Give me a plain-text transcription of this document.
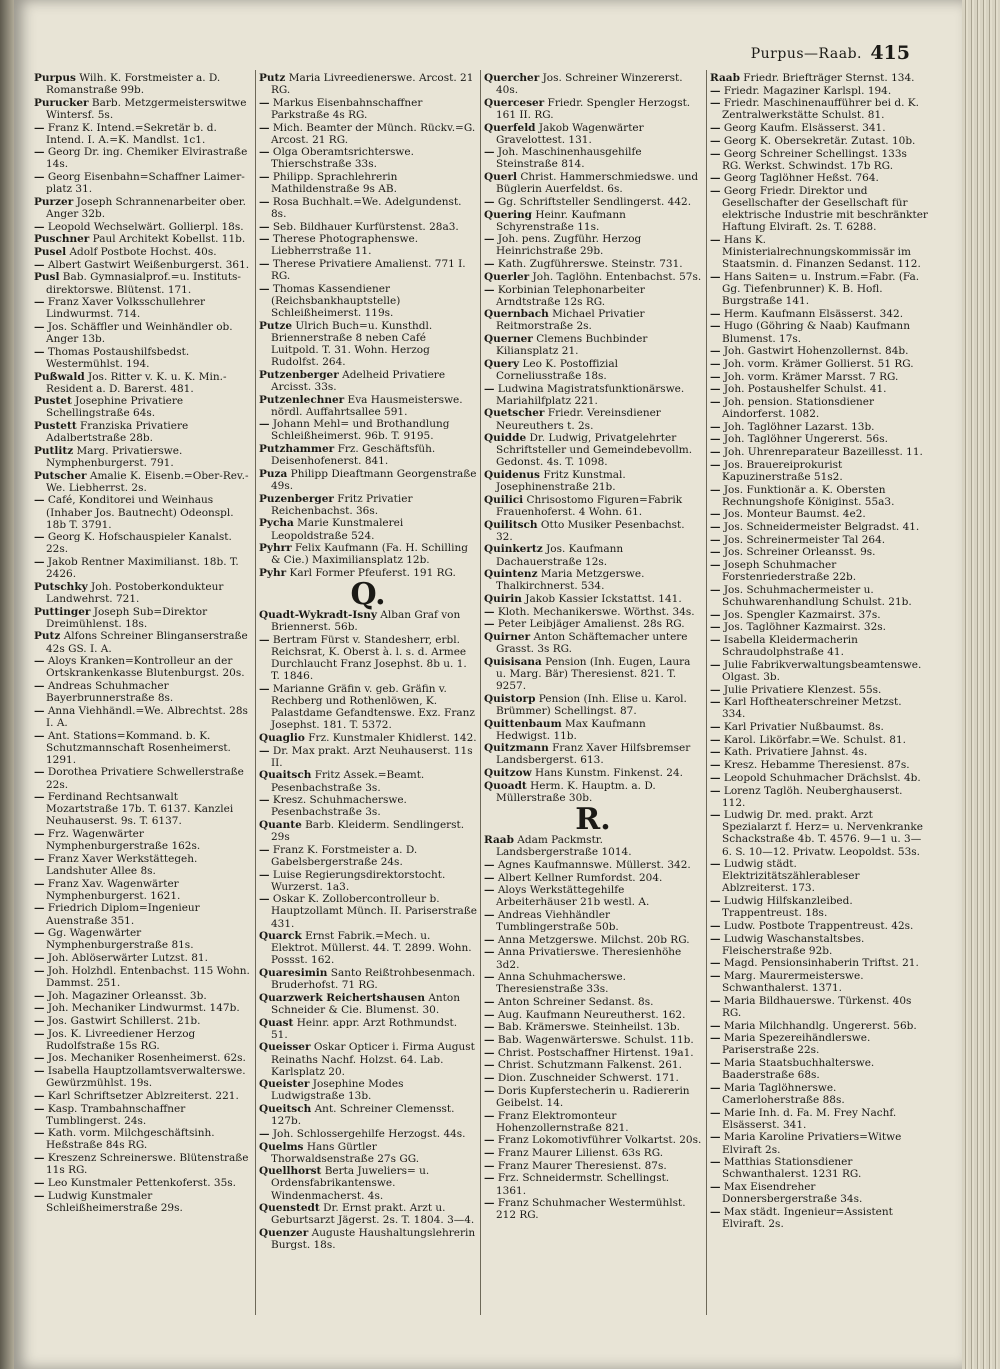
Purpus—Raab. 415

Purpus Wilh. K. Forstmeister a. D. Romanstraße 99b.

Purucker Barb. Metzgermeisterswitwe Wintersf. 5s.

— Franz K. Intend.=Sekretär b. d. Intend. I. A.=K. Mandlst. 1c1.

— Georg Dr. ing. Chemiker Elvirastraße 14s.

— Georg Eisenbahn=Schaffner Laimer-platz 31.

Purzer Joseph Schrannenarbeiter ober. Anger 32b.

— Leopold Wechselwärt. Gollierpl. 18s.

Puschner Paul Architekt Kobellst. 11b.

Pusel Adolf Postbote Hochst. 40s.

— Albert Gastwirt Weißenburgerst. 361.

Pusl Bab. Gymnasialprof.=u. Instituts-direktorswe. Blütenst. 171.

— Franz Xaver Volksschullehrer Lindwurmst. 714.

— Jos. Schäffler und Weinhändler ob. Anger 13b.

— Thomas Postaushilfsbedst. Westermühlst. 194.

Pußwald Jos. Ritter v. K. u. K. Min.-Resident a. D. Barerst. 481.

Pustet Josephine Privatiere Schellingstraße 64s.

Pustett Franziska Privatiere Adalbertstraße 28b.

Putlitz Marg. Privatierswe. Nymphenburgerst. 791.

Putscher Amalie K. Eisenb.=Ober-Rev.-We. Liebherrst. 2s.

— Café, Konditorei und Weinhaus (Inhaber Jos. Bautnecht) Odeonspl. 18b T. 3791.

— Georg K. Hofschauspieler Kanalst. 22s.

— Jakob Rentner Maximilianst. 18b. T. 2426.

Putschky Joh. Postoberkondukteur Landwehrst. 721.

Puttinger Joseph Sub=Direktor Dreimühlenst. 18s.

Putz Alfons Schreiner Blinganserstraße 42s GS. I. A.

— Aloys Kranken=Kontrolleur an der Ortskrankenkasse Blutenburgst. 20s.

— Andreas Schuhmacher Bayerbrunnerstraße 8s.

— Anna Viehhändl.=We. Albrechtst. 28s I. A.

— Ant. Stations=Kommand. b. K. Schutzmannschaft Rosenheimerst. 1291.

— Dorothea Privatiere Schwellerstraße 22s.

— Ferdinand Rechtsanwalt Mozartstraße 17b. T. 6137. Kanzlei Neuhauserst. 9s. T. 6137.

— Frz. Wagenwärter Nymphenburgerstraße 162s.

— Franz Xaver Werkstättegeh. Landshuter Allee 8s.

— Franz Xav. Wagenwärter Nymphenburgerst. 1621.

— Friedrich Diplom=Ingenieur Auenstraße 351.

— Gg. Wagenwärter Nymphenburgerstraße 81s.

— Joh. Ablöserwärter Lutzst. 81.

— Joh. Holzhdl. Entenbachst. 115 Wohn. Dammst. 251.

— Joh. Magaziner Orleansst. 3b.

— Joh. Mechaniker Lindwurmst. 147b.

— Jos. Gastwirt Schillerst. 21b.

— Jos. K. Livreediener Herzog Rudolfstraße 15s RG.

— Jos. Mechaniker Rosenheimerst. 62s.

— Isabella Hauptzollamtsverwalterswe. Gewürzmühlst. 19s.

— Karl Schriftsetzer Ablzreiterst. 221.

— Kasp. Trambahnschaffner Tumblingerst. 24s.

— Kath. vorm. Milchgeschäftsinh. Heßstraße 84s RG.

— Kreszenz Schreinerswe. Blütenstraße 11s RG.

— Leo Kunstmaler Pettenkoferst. 35s.

— Ludwig Kunstmaler Schleißheimerstraße 29s.

Putz Maria Livreedienerswe. Arcost. 21 RG.

— Markus Eisenbahnschaffner Parkstraße 4s RG.

— Mich. Beamter der Münch. Rückv.=G. Arcost. 21 RG.

— Olga Oberamtsrichterswe. Thierschstraße 33s.

— Philipp. Sprachlehrerin Mathildenstraße 9s AB.

— Rosa Buchhalt.=We. Adelgundenst. 8s.

— Seb. Bildhauer Kurfürstenst. 28a3.

— Therese Photographenswe. Liebherrstraße 11.

— Therese Privatiere Amalienst. 771 I. RG.

— Thomas Kassendiener (Reichsbankhauptstelle) Schleißheimerst. 119s.

Putze Ulrich Buch=u. Kunsthdl. Briennerstraße 8 neben Café Luitpold. T. 31. Wohn. Herzog Rudolfst. 264.

Putzenberger Adelheid Privatiere Arcisst. 33s.

Putzenlechner Eva Hausmeisterswe. nördl. Auffahrtsallee 591.

— Johann Mehl= und Brothandlung Schleißheimerst. 96b. T. 9195.

Putzhammer Frz. Geschäftsfüh. Deisenhofenerst. 841.

Puza Philipp Dieaftmann Georgenstraße 49s.

Puzenberger Fritz Privatier Reichenbachst. 36s.

Pycha Marie Kunstmalerei Leopoldstraße 524.

Pyhrr Felix Kaufmann (Fa. H. Schilling & Cie.) Maximiliansplatz 12b.

Pyhr Karl Former Pfeuferst. 191 RG.

Q.

Quadt-Wykradt-Isny Alban Graf von Briennerst. 56b.

— Bertram Fürst v. Standesherr, erbl. Reichsrat, K. Oberst à. l. s. d. Armee Durchlaucht Franz Josephst. 8b u. 1. T. 1846.

— Marianne Gräfin v. geb. Gräfin v. Rechberg und Rothenlöwen, K. Palastdame Gefandtenswe. Exz. Franz Josephst. 181. T. 5372.

Quaglio Frz. Kunstmaler Khidlerst. 142.

— Dr. Max prakt. Arzt Neuhauserst. 11s II.

Quaitsch Fritz Assek.=Beamt. Pesenbachstraße 3s.

— Kresz. Schuhmacherswe. Pesenbachstraße 3s.

Quante Barb. Kleiderm. Sendlingerst. 29s

— Franz K. Forstmeister a. D. Gabelsbergerstraße 24s.

— Luise Regierungsdirektorstocht. Wurzerst. 1a3.

— Oskar K. Zollobercontrolleur b. Hauptzollamt Münch. II. Pariserstraße 431.

Quarck Ernst Fabrik.=Mech. u. Elektrot. Müllerst. 44. T. 2899. Wohn. Possst. 162.

Quaresimin Santo Reißtrohbesenmach. Bruderhofst. 71 RG.

Quarzwerk Reichertshausen Anton Schneider & Cie. Blumenst. 30.

Quast Heinr. appr. Arzt Rothmundst. 51.

Queisser Oskar Opticer i. Firma August Reinaths Nachf. Holzst. 64. Lab. Karlsplatz 20.

Queister Josephine Modes Ludwigstraße 13b.

Queitsch Ant. Schreiner Clemensst. 127b.

— Joh. Schlossergehilfe Herzogst. 44s.

Quelms Hans Gürtler Thorwaldsenstraße 27s GG.

Quellhorst Berta Juweliers= u. Ordensfabrikantenswe. Windenmacherst. 4s.

Quenstedt Dr. Ernst prakt. Arzt u. Geburtsarzt Jägerst. 2s. T. 1804. 3—4.

Quenzer Auguste Haushaltungslehrerin Burgst. 18s.

Quercher Jos. Schreiner Winzererst. 40s.

Querceser Friedr. Spengler Herzogst. 161 II. RG.

Querfeld Jakob Wagenwärter Gravelottest. 131.

— Joh. Maschinenhausgehilfe Steinstraße 814.

Querl Christ. Hammerschmiedswe. und Büglerin Auerfeldst. 6s.

— Gg. Schriftsteller Sendlingerst. 442.

Quering Heinr. Kaufmann Schyrenstraße 11s.

— Joh. pens. Zugführ. Herzog Heinrichstraße 29b.

— Kath. Zugführerswe. Steinstr. 731.

Querler Joh. Taglöhn. Entenbachst. 57s.

— Korbinian Telephonarbeiter Arndtstraße 12s RG.

Quernbach Michael Privatier Reitmorstraße 2s.

Querner Clemens Buchbinder Kiliansplatz 21.

Query Leo K. Postoffizial Corneliusstraße 18s.

— Ludwina Magistratsfunktionärswe. Mariahilfplatz 221.

Quetscher Friedr. Vereinsdiener Neureuthers t. 2s.

Quidde Dr. Ludwig, Privatgelehrter Schriftsteller und Gemeindebevollm. Gedonst. 4s. T. 1098.

Quidenus Fritz Kunstmal. Josephinenstraße 21b.

Quilici Chrisostomo Figuren=Fabrik Frauenhoferst. 4 Wohn. 61.

Quilitsch Otto Musiker Pesenbachst. 32.

Quinkertz Jos. Kaufmann Dachauerstraße 12s.

Quintenz Maria Metzgerswe. Thalkirchnerst. 534.

Quirin Jakob Kassier Ickstattst. 141.

— Kloth. Mechanikerswe. Wörthst. 34s.

— Peter Leibjäger Amalienst. 28s RG.

Quirner Anton Schäftemacher untere Grasst. 3s RG.

Quisisana Pension (Inh. Eugen, Laura u. Marg. Bär) Theresienst. 821. T. 9257.

Quistorp Pension (Inh. Elise u. Karol. Brümmer) Schellingst. 87.

Quittenbaum Max Kaufmann Hedwigst. 11b.

Quitzmann Franz Xaver Hilfsbremser Landsbergerst. 613.

Quitzow Hans Kunstm. Finkenst. 24.

Quoadt Herm. K. Hauptm. a. D. Müllerstraße 30b.

R.

Raab Adam Packmstr. Landsbergerstraße 1014.

— Agnes Kaufmannswe. Müllerst. 342.

— Albert Kellner Rumfordst. 204.

— Aloys Werkstättegehilfe Arbeiterhäuser 21b westl. A.

— Andreas Viehhändler Tumblingerstraße 50b.

— Anna Metzgerswe. Milchst. 20b RG.

— Anna Privatierswe. Theresienhöhe 3d2.

— Anna Schuhmacherswe. Theresienstraße 33s.

— Anton Schreiner Sedanst. 8s.

— Aug. Kaufmann Neureutherst. 162.

— Bab. Krämerswe. Steinheilst. 13b.

— Bab. Wagenwärterswe. Schulst. 11b.

— Christ. Postschaffner Hirtenst. 19a1.

— Christ. Schutzmann Falkenst. 261.

— Dion. Zuschneider Schwerst. 171.

— Doris Kupferstecherin u. Radiererin Geibelst. 14.

— Franz Elektromonteur Hohenzollernstraße 821.

— Franz Lokomotivführer Volkartst. 20s.

— Franz Maurer Lilienst. 63s RG.

— Franz Maurer Theresienst. 87s.

— Frz. Schneidermstr. Schellingst. 1361.

— Franz Schuhmacher Westermühlst. 212 RG.

Raab Friedr. Briefträger Sternst. 134.

— Friedr. Magaziner Karlspl. 194.

— Friedr. Maschinenaufführer bei d. K. Zentralwerkstätte Schulst. 81.

— Georg Kaufm. Elsässerst. 341.

— Georg K. Obersekretär. Zutast. 10b.

— Georg Schreiner Schellingst. 133s RG. Werkst. Schwindst. 17b RG.

— Georg Taglöhner Heßst. 764.

— Georg Friedr. Direktor und Gesellschafter der Gesellschaft für elektrische Industrie mit beschränkter Haftung Elviraft. 2s. T. 6288.

— Hans K. Ministerialrechnungskommissär im Staatsmin. d. Finanzen Sedanst. 112.

— Hans Saiten= u. Instrum.=Fabr. (Fa. Gg. Tiefenbrunner) K. B. Hofl. Burgstraße 141.

— Herm. Kaufmann Elsässerst. 342.

— Hugo (Göhring & Naab) Kaufmann Blumenst. 17s.

— Joh. Gastwirt Hohenzollernst. 84b.

— Joh. vorm. Krämer Gollierst. 51 RG.

— Joh. vorm. Krämer Marsst. 7 RG.

— Joh. Postaushelfer Schulst. 41.

— Joh. pension. Stationsdiener Aindorferst. 1082.

— Joh. Taglöhner Lazarst. 13b.

— Joh. Taglöhner Ungererst. 56s.

— Joh. Uhrenreparateur Bazeillesst. 11.

— Jos. Brauereiprokurist Kapuzinerstraße 51s2.

— Jos. Funktionär a. K. Obersten Rechnungshofe Königinst. 55a3.

— Jos. Monteur Baumst. 4e2.

— Jos. Schneidermeister Belgradst. 41.

— Jos. Schreinermeister Tal 264.

— Jos. Schreiner Orleansst. 9s.

— Joseph Schuhmacher Forstenriederstraße 22b.

— Jos. Schuhmachermeister u. Schuhwarenhandlung Schulst. 21b.

— Jos. Spengler Kazmairst. 37s.

— Jos. Taglöhner Kazmairst. 32s.

— Isabella Kleidermacherin Schraudolphstraße 41.

— Julie Fabrikverwaltungsbeamtenswe. Olgast. 3b.

— Julie Privatiere Klenzest. 55s.

— Karl Hoftheaterschreiner Metzst. 334.

— Karl Privatier Nußbaumst. 8s.

— Karol. Likörfabr.=We. Schulst. 81.

— Kath. Privatiere Jahnst. 4s.

— Kresz. Hebamme Theresienst. 87s.

— Leopold Schuhmacher Drächslst. 4b.

— Lorenz Taglöh. Neuberghauserst. 112.

— Ludwig Dr. med. prakt. Arzt Spezialarzt f. Herz= u. Nervenkranke Schackstraße 4b. T. 4576. 9—1 u. 3—6. S. 10—12. Privatw. Leopoldst. 53s.

— Ludwig städt. Elektrizitätszählerableser Ablzreiterst. 173.

— Ludwig Hilfskanzleibed. Trappentreust. 18s.

— Ludw. Postbote Trappentreust. 42s.

— Ludwig Waschanstaltsbes. Fleischerstraße 92b.

— Magd. Pensionsinhaberin Triftst. 21.

— Marg. Maurermeisterswe. Schwanthalerst. 1371.

— Maria Bildhauerswe. Türkenst. 40s RG.

— Maria Milchhandlg. Ungererst. 56b.

— Maria Spezereihändlerswe. Pariserstraße 22s.

— Maria Staatsbuchhalterswe. Baaderstraße 68s.

— Maria Taglöhnerswe. Camerloherstraße 88s.

— Marie Inh. d. Fa. M. Frey Nachf. Elsässerst. 341.

— Maria Karoline Privatiers=Witwe Elviraft 2s.

— Matthias Stationsdiener Schwanthalerst. 1231 RG.

— Max Eisendreher Donnersbergerstraße 34s.

— Max städt. Ingenieur=Assistent Elviraft. 2s.
